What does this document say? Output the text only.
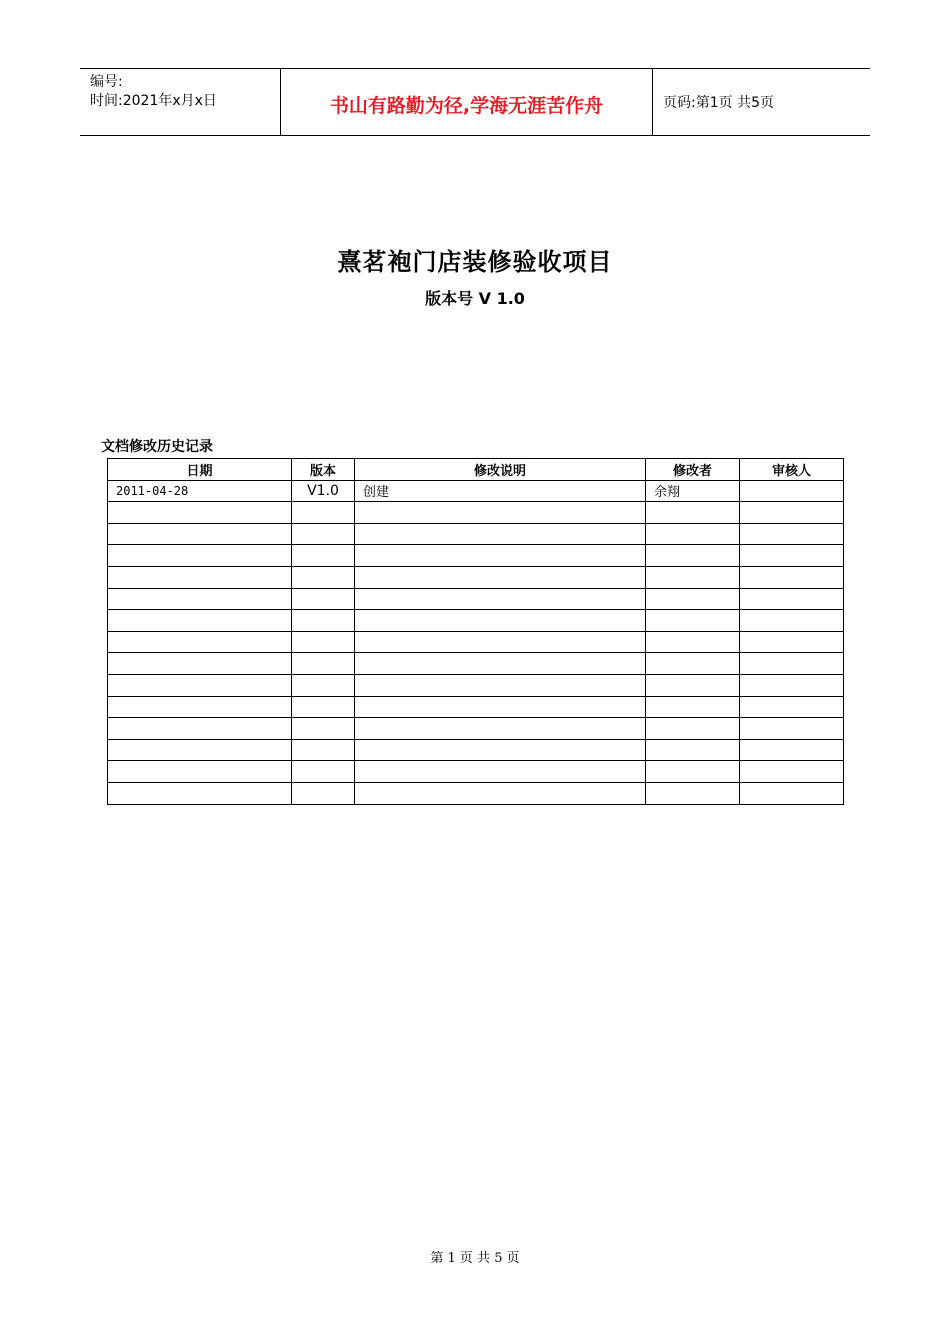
编号:
时间:2021年x月x日	书山有路勤为径,学海无涯苦作舟	页码:第1页 共5页
熹茗袍门店装修验收项目
版本号 V 1.0
文档修改历史记录
日期	版本	修改说明	修改者	审核人
2011-04-28	V1.0	创建	余翔	

第 1 页 共 5 页
